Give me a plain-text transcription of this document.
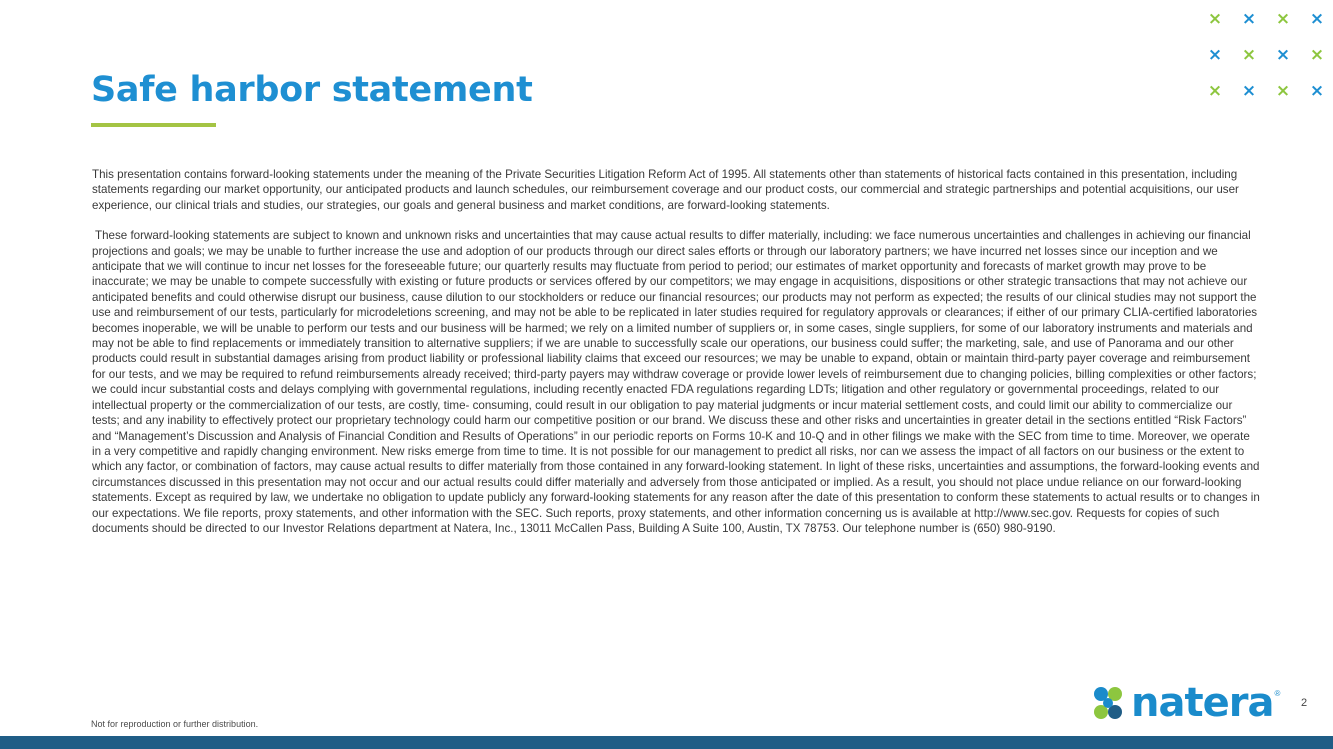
Safe harbor statement
×	×	×	×
×	×	×	×
×	×	×	×

This presentation contains forward-looking statements under the meaning of the Private Securities Litigation Reform Act of 1995. All statements other than statements of historical facts contained in this presentation, including statements regarding our market opportunity, our anticipated products and launch schedules, our reimbursement coverage and our product costs, our commercial and strategic partnerships and potential acquisitions, our user experience, our clinical trials and studies, our strategies, our goals and general business and market conditions, are forward-looking statements.

These forward-looking statements are subject to known and unknown risks and uncertainties that may cause actual results to differ materially, including: we face numerous uncertainties and challenges in achieving our financial projections and goals; we may be unable to further increase the use and adoption of our products through our direct sales efforts or through our laboratory partners; we have incurred net losses since our inception and we anticipate that we will continue to incur net losses for the foreseeable future; our quarterly results may fluctuate from period to period; our estimates of market opportunity and forecasts of market growth may prove to be inaccurate; we may be unable to compete successfully with existing or future products or services offered by our competitors; we may engage in acquisitions, dispositions or other strategic transactions that may not achieve our anticipated benefits and could otherwise disrupt our business, cause dilution to our stockholders or reduce our financial resources; our products may not perform as expected; the results of our clinical studies may not support the use and reimbursement of our tests, particularly for microdeletions screening, and may not be able to be replicated in later studies required for regulatory approvals or clearances; if either of our primary CLIA-certified laboratories becomes inoperable, we will be unable to perform our tests and our business will be harmed; we rely on a limited number of suppliers or, in some cases, single suppliers, for some of our laboratory instruments and materials and may not be able to find replacements or immediately transition to alternative suppliers; if we are unable to successfully scale our operations, our business could suffer; the marketing, sale, and use of Panorama and our other products could result in substantial damages arising from product liability or professional liability claims that exceed our resources; we may be unable to expand, obtain or maintain third-party payer coverage and reimbursement for our tests, and we may be required to refund reimbursements already received; third-party payers may withdraw coverage or provide lower levels of reimbursement due to changing policies, billing complexities or other factors; we could incur substantial costs and delays complying with governmental regulations, including recently enacted FDA regulations regarding LDTs; litigation and other regulatory or governmental proceedings, related to our intellectual property or the commercialization of our tests, are costly, time- consuming, could result in our obligation to pay material judgments or incur material settlement costs, and could limit our ability to commercialize our tests; and any inability to effectively protect our proprietary technology could harm our competitive position or our brand. We discuss these and other risks and uncertainties in greater detail in the sections entitled “Risk Factors” and “Management’s Discussion and Analysis of Financial Condition and Results of Operations” in our periodic reports on Forms 10-K and 10-Q and in other filings we make with the SEC from time to time. Moreover, we operate in a very competitive and rapidly changing environment. New risks emerge from time to time. It is not possible for our management to predict all risks, nor can we assess the impact of all factors on our business or the extent to which any factor, or combination of factors, may cause actual results to differ materially from those contained in any forward-looking statement. In light of these risks, uncertainties and assumptions, the forward-looking events and circumstances discussed in this presentation may not occur and our actual results could differ materially and adversely from those anticipated or implied. As a result, you should not place undue reliance on our forward-looking statements. Except as required by law, we undertake no obligation to update publicly any forward-looking statements for any reason after the date of this presentation to conform these statements to actual results or to changes in our expectations. We file reports, proxy statements, and other information with the SEC. Such reports, proxy statements, and other information concerning us is available at http://www.sec.gov. Requests for copies of such documents should be directed to our Investor Relations department at Natera, Inc., 13011 McCallen Pass, Building A Suite 100, Austin, TX 78753. Our telephone number is (650) 980-9190.

Not for reproduction or further distribution.	natera ®
2
